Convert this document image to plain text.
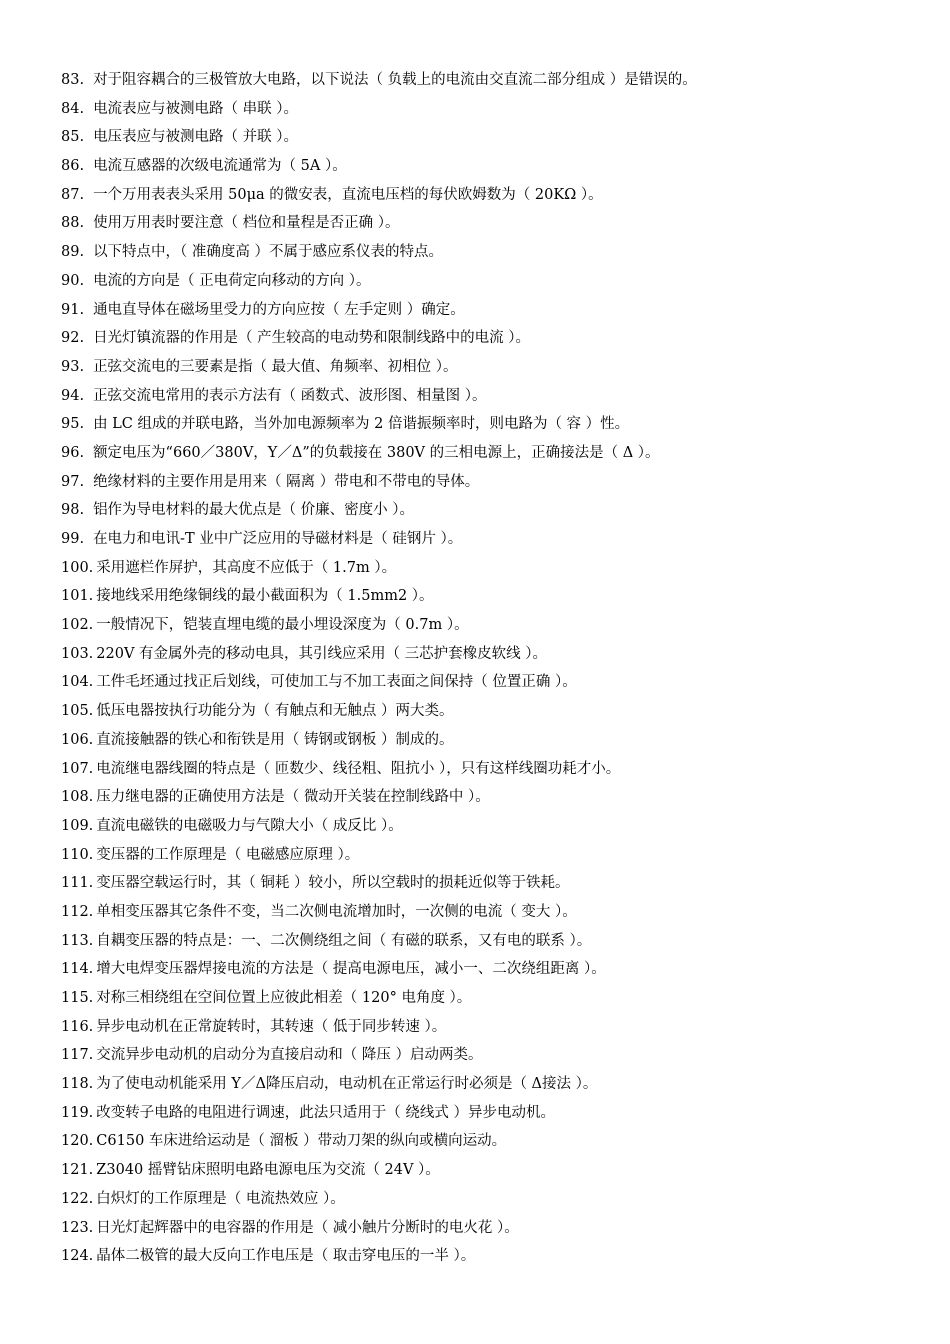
83. 对于阻容耦合的三极管放大电路，以下说法（ 负载上的电流由交直流二部分组成 ）是错误的。
84. 电流表应与被测电路（ 串联 ）。
85. 电压表应与被测电路（ 并联 ）。
86. 电流互感器的次级电流通常为（ 5A ）。
87. 一个万用表表头采用 50μa 的微安表，直流电压档的每伏欧姆数为（ 20KΩ ）。
88. 使用万用表时要注意（ 档位和量程是否正确 ）。
89. 以下特点中，（ 准确度高 ）不属于感应系仪表的特点。
90. 电流的方向是（ 正电荷定向移动的方向 ）。
91. 通电直导体在磁场里受力的方向应按（ 左手定则 ）确定。
92. 日光灯镇流器的作用是（ 产生较高的电动势和限制线路中的电流 ）。
93. 正弦交流电的三要素是指（ 最大值、角频率、初相位 ）。
94. 正弦交流电常用的表示方法有（ 函数式、波形图、相量图 ）。
95. 由 LC 组成的并联电路，当外加电源频率为 2 倍谐振频率时，则电路为（ 容 ）性。
96. 额定电压为“660／380V，Y／Δ”的负载接在 380V 的三相电源上，正确接法是（ Δ ）。
97. 绝缘材料的主要作用是用来（ 隔离 ）带电和不带电的导体。
98. 铝作为导电材料的最大优点是（ 价廉、密度小 ）。
99. 在电力和电讯-T 业中广泛应用的导磁材料是（ 硅钢片 ）。
100. 采用遮栏作屏护，其高度不应低于（ 1.7m ）。
101. 接地线采用绝缘铜线的最小截面积为（ 1.5mm2 ）。
102. 一般情况下，铠装直埋电缆的最小埋设深度为（ 0.7m ）。
103. 220V 有金属外壳的移动电具，其引线应采用（ 三芯护套橡皮软线 ）。
104. 工件毛坯通过找正后划线，可使加工与不加工表面之间保持（ 位置正确 ）。
105. 低压电器按执行功能分为（ 有触点和无触点 ）两大类。
106. 直流接触器的铁心和衔铁是用（ 铸钢或钢板 ）制成的。
107. 电流继电器线圈的特点是（ 匝数少、线径粗、阻抗小 ），只有这样线圈功耗才小。
108. 压力继电器的正确使用方法是（ 微动开关装在控制线路中 ）。
109. 直流电磁铁的电磁吸力与气隙大小（ 成反比 ）。
110. 变压器的工作原理是（ 电磁感应原理 ）。
111. 变压器空载运行时，其（ 铜耗 ）较小，所以空载时的损耗近似等于铁耗。
112. 单相变压器其它条件不变，当二次侧电流增加时，一次侧的电流（ 变大 ）。
113. 自耦变压器的特点是：一、二次侧绕组之间（ 有磁的联系，又有电的联系 ）。
114. 增大电焊变压器焊接电流的方法是（ 提高电源电压，减小一、二次绕组距离 ）。
115. 对称三相绕组在空间位置上应彼此相差（ 120° 电角度 ）。
116. 异步电动机在正常旋转时，其转速（ 低于同步转速 ）。
117. 交流异步电动机的启动分为直接启动和（ 降压 ）启动两类。
118. 为了使电动机能采用 Y／Δ降压启动，电动机在正常运行时必须是（ Δ接法 ）。
119. 改变转子电路的电阻进行调速，此法只适用于（ 绕线式 ）异步电动机。
120. C6150 车床进给运动是（ 溜板 ）带动刀架的纵向或横向运动。
121. Z3040 摇臂钻床照明电路电源电压为交流（ 24V ）。
122. 白炽灯的工作原理是（ 电流热效应 ）。
123. 日光灯起辉器中的电容器的作用是（ 减小触片分断时的电火花 ）。
124. 晶体二极管的最大反向工作电压是（ 取击穿电压的一半 ）。
